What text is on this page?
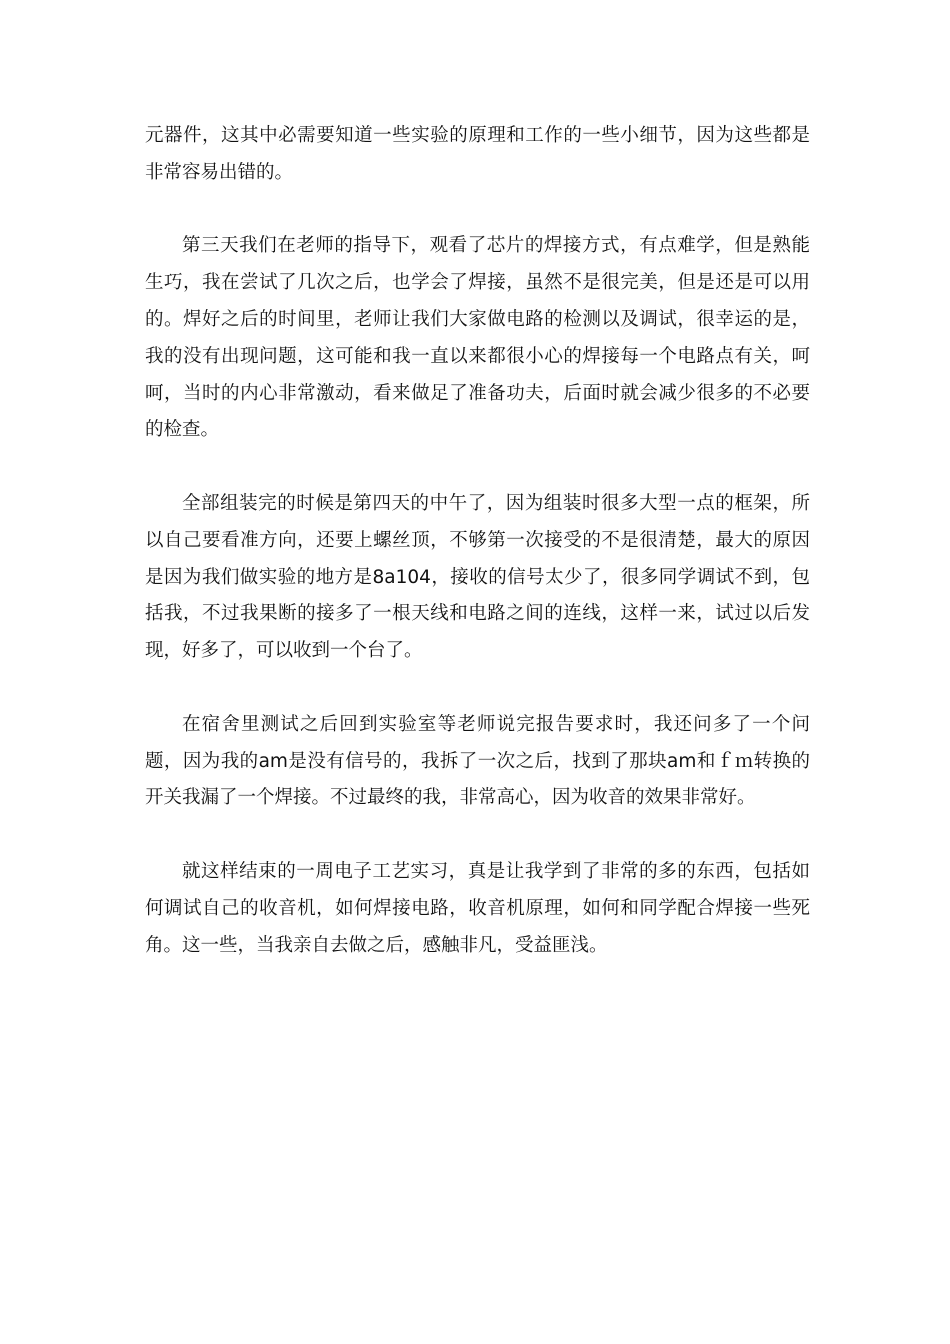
元器件，这其中必需要知道一些实验的原理和工作的一些小细节，因为这些都是非常容易出错的。

第三天我们在老师的指导下，观看了芯片的焊接方式，有点难学，但是熟能生巧，我在尝试了几次之后，也学会了焊接，虽然不是很完美，但是还是可以用的。焊好之后的时间里，老师让我们大家做电路的检测以及调试，很幸运的是，我的没有出现问题，这可能和我一直以来都很小心的焊接每一个电路点有关，呵呵，当时的内心非常激动，看来做足了准备功夫，后面时就会减少很多的不必要的检查。

全部组装完的时候是第四天的中午了，因为组装时很多大型一点的框架，所以自己要看准方向，还要上螺丝顶，不够第一次接受的不是很清楚，最大的原因是因为我们做实验的地方是8a104，接收的信号太少了，很多同学调试不到，包括我，不过我果断的接多了一根天线和电路之间的连线，这样一来，试过以后发现，好多了，可以收到一个台了。

在宿舍里测试之后回到实验室等老师说完报告要求时，我还问多了一个问题，因为我的am是没有信号的，我拆了一次之后，找到了那块am和ｆｍ转换的开关我漏了一个焊接。不过最终的我，非常高心，因为收音的效果非常好。

就这样结束的一周电子工艺实习，真是让我学到了非常的多的东西，包括如何调试自己的收音机，如何焊接电路，收音机原理，如何和同学配合焊接一些死角。这一些，当我亲自去做之后，感触非凡，受益匪浅。
